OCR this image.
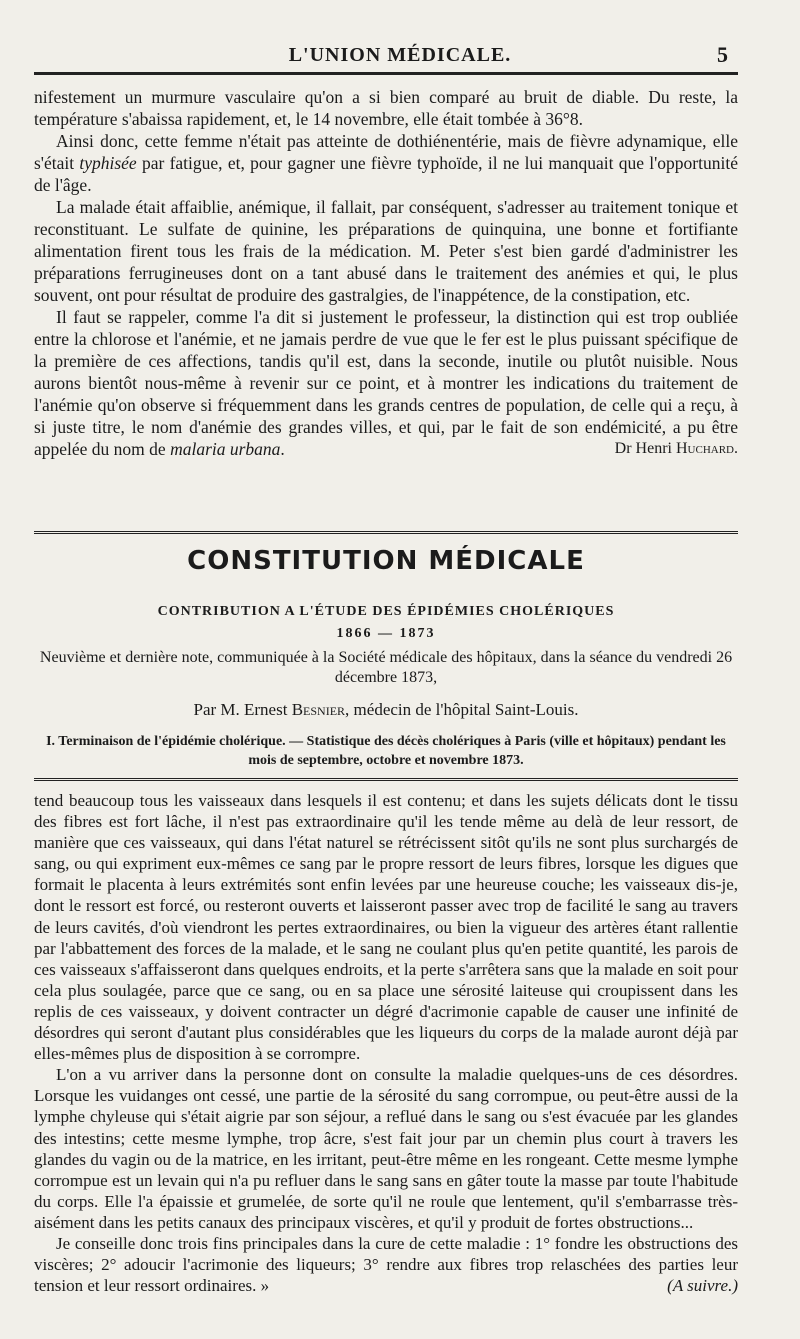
L'UNION MÉDICALE.	5

nifestement un murmure vasculaire qu'on a si bien comparé au bruit de diable. Du reste, la température s'abaissa rapidement, et, le 14 novembre, elle était tombée à 36°8.

Ainsi donc, cette femme n'était pas atteinte de dothiénentérie, mais de fièvre adynamique, elle s'était typhisée par fatigue, et, pour gagner une fièvre typhoïde, il ne lui manquait que l'opportunité de l'âge.

La malade était affaiblie, anémique, il fallait, par conséquent, s'adresser au traitement tonique et reconstituant. Le sulfate de quinine, les préparations de quinquina, une bonne et fortifiante alimentation firent tous les frais de la médication. M. Peter s'est bien gardé d'administrer les préparations ferrugineuses dont on a tant abusé dans le traitement des anémies et qui, le plus souvent, ont pour résultat de produire des gastralgies, de l'inappétence, de la constipation, etc.

Il faut se rappeler, comme l'a dit si justement le professeur, la distinction qui est trop oubliée entre la chlorose et l'anémie, et ne jamais perdre de vue que le fer est le plus puissant spécifique de la première de ces affections, tandis qu'il est, dans la seconde, inutile ou plutôt nuisible. Nous aurons bientôt nous-même à revenir sur ce point, et à montrer les indications du traitement de l'anémie qu'on observe si fréquemment dans les grands centres de population, de celle qui a reçu, à si juste titre, le nom d'anémie des grandes villes, et qui, par le fait de son endémicité, a pu être appelée du nom de malaria urbana.	Dr Henri Huchard.

CONSTITUTION MÉDICALE
CONTRIBUTION A L'ÉTUDE DES ÉPIDÉMIES CHOLÉRIQUES
1866 — 1873
Neuvième et dernière note, communiquée à la Société médicale des hôpitaux, dans la séance du vendredi 26 décembre 1873,
Par M. Ernest Besnier, médecin de l'hôpital Saint-Louis.
I. Terminaison de l'épidémie cholérique. — Statistique des décès cholériques à Paris (ville et hôpitaux) pendant les mois de septembre, octobre et novembre 1873.

tend beaucoup tous les vaisseaux dans lesquels il est contenu; et dans les sujets délicats dont le tissu des fibres est fort lâche, il n'est pas extraordinaire qu'il les tende même au delà de leur ressort, de manière que ces vaisseaux, qui dans l'état naturel se rétrécissent sitôt qu'ils ne sont plus surchargés de sang, ou qui expriment eux-mêmes ce sang par le propre ressort de leurs fibres, lorsque les digues que formait le placenta à leurs extrémités sont enfin levées par une heureuse couche; les vaisseaux dis-je, dont le ressort est forcé, ou resteront ouverts et laisseront passer avec trop de facilité le sang au travers de leurs cavités, d'où viendront les pertes extraordinaires, ou bien la vigueur des artères étant rallentie par l'abbattement des forces de la malade, et le sang ne coulant plus qu'en petite quantité, les parois de ces vaisseaux s'affaisseront dans quelques endroits, et la perte s'arrêtera sans que la malade en soit pour cela plus soulagée, parce que ce sang, ou en sa place une sérosité laiteuse qui croupissent dans les replis de ces vaisseaux, y doivent contracter un dégré d'acrimonie capable de causer une infinité de désordres qui seront d'autant plus considérables que les liqueurs du corps de la malade auront déjà par elles-mêmes plus de disposition à se corrompre.

L'on a vu arriver dans la personne dont on consulte la maladie quelques-uns de ces désordres. Lorsque les vuidanges ont cessé, une partie de la sérosité du sang corrompue, ou peut-être aussi de la lymphe chyleuse qui s'était aigrie par son séjour, a reflué dans le sang ou s'est évacuée par les glandes des intestins; cette mesme lymphe, trop âcre, s'est fait jour par un chemin plus court à travers les glandes du vagin ou de la matrice, en les irritant, peut-être même en les rongeant. Cette mesme lymphe corrompue est un levain qui n'a pu refluer dans le sang sans en gâter toute la masse par toute l'habitude du corps. Elle l'a épaissie et grumelée, de sorte qu'il ne roule que lentement, qu'il s'embarrasse très-aisément dans les petits canaux des principaux viscères, et qu'il y produit de fortes obstructions...

Je conseille donc trois fins principales dans la cure de cette maladie : 1° fondre les obstructions des viscères; 2° adoucir l'acrimonie des liqueurs; 3° rendre aux fibres trop relaschées des parties leur tension et leur ressort ordinaires. »	(A suivre.)
